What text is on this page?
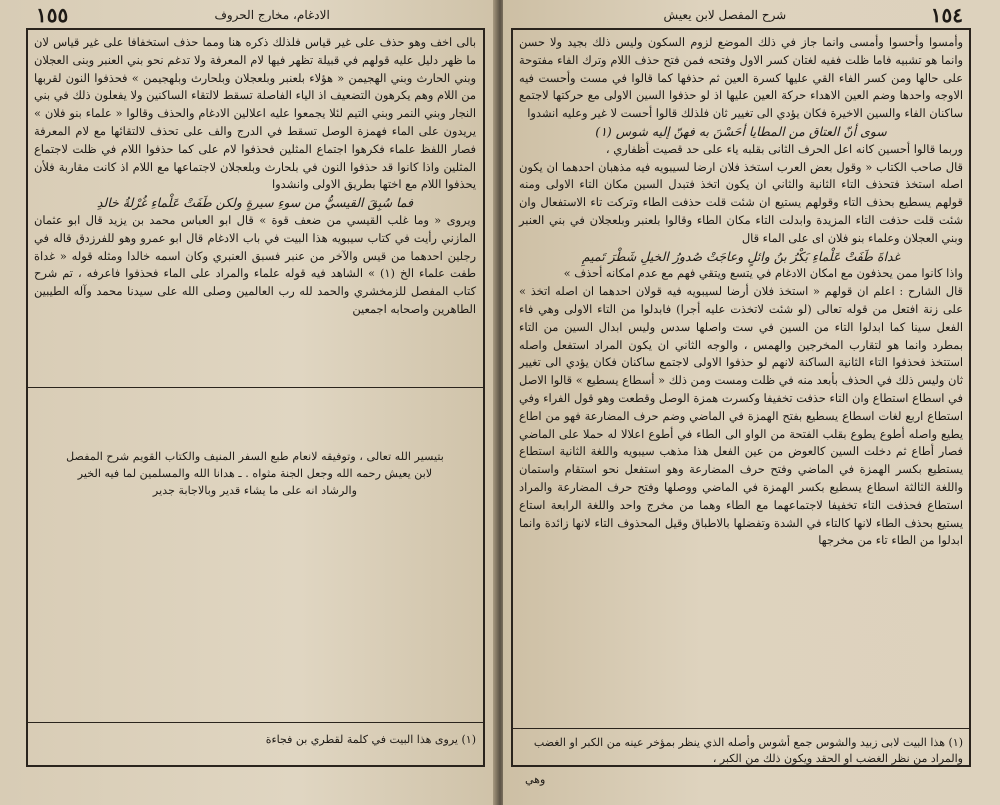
الادغام، مخارج الحروف
١٥٥

بالى اخف وهو حذف على غير قياس فلذلك ذكره هنا ومما حذف استخفافا على غير قياس لان ما ظهر دليل عليه قولهم في قبيلة تظهر فيها لام المعرفة ولا تدغم نحو بني العنبر وبنى العجلان وبني الحارث وبني الهجيمن « هؤلاء بلعنبر وبلعجلان وبلحارث وبلهجيمن » فحذفوا النون لقربها من اللام وهم يكرهون التضعيف اذ الياء الفاصلة تسقط لالتقاء الساكنين ولا يفعلون ذلك في بني النجار وبني النمر وبني التيم لئلا يجمعوا عليه اعلالين الادغام والحذف وقالوا « علماء بنو فلان » يريدون على الماء فهمزة الوصل تسقط في الدرج والف على تحذف لالتقائها مع لام المعرفة فصار اللفظ علماء فكرهوا اجتماع المثلين فحذفوا لام على كما حذفوا اللام في ظلت لاجتماع المثلين واذا كانوا قد حذفوا النون في بلحارث وبلعجلان لاجتماعها مع اللام اذ كانت مقاربة فلأن يحذفوا اللام مع اختها بطريق الاولى وانشدوا

فما سُبِقَ القيسيُّ من سوءِ سيرةٍ ولكن طَفَتْ عَلْماءِ غُرْلةُ خالدِ

ويروى « وما غلب القيسي من ضعف قوة » قال ابو العباس محمد بن يزيد قال ابو عثمان المازني رأيت في كتاب سيبويه هذا البيت في باب الادغام قال ابو عمرو وهو للفرزدق قاله في رجلين احدهما من قيس والآخر من عنبر فسبق العنبري وكان اسمه خالدا ومثله قوله « غداة طفت علماء الخ (١) » الشاهد فيه قوله علماء والمراد على الماء فحذفوا فاعرفه ، تم شرح كتاب المفصل للزمخشري والحمد لله رب العالمين وصلى الله على سيدنا محمد وآله الطيبين الطاهرين واصحابه اجمعين

بتيسير الله تعالى ، وتوفيقه لانعام طبع السفر المنيف والكتاب القويم شرح المفصل لابن يعيش رحمه الله وجعل الجنة مثواه . ـ هدانا الله والمسلمين لما فيه الخير والرشاد انه على ما يشاء قدير وبالاجابة جدير
(١) يروى هذا البيت في كلمة لقطري بن فجاءة
١٥٤
شرح المفصل لابن يعيش

وأمسوا وأحسوا وأمسى وانما جاز في ذلك الموضع لزوم السكون وليس ذلك بجيد ولا حسن وانما هو تشبيه فاما ظلت ففيه لغتان كسر الاول وفتحه فمن فتح حذف اللام وترك الفاء مفتوحة على حالها ومن كسر الفاء القي عليها كسرة العين ثم حذفها كما قالوا في مست وأحست فيه الاوجه واحدها وضم العين الاهداء حركة العين عليها اذ لو حذفوا السين الاولى مع حركتها لاجتمع ساكنان الفاء والسين الاخيرة فكان يؤدي الى تغيير ثان فلذلك قالوا أحست لا غير وعليه انشدوا

سوى أنّ العتاق من المطايا أحَسْنَ به فهنّ إليه شوس (١)

وربما قالوا أحسين كانه اعل الحرف الثانى بقلبه ياء على حد قصيت أظفاري ،

قال صاحب الكتاب « وقول بعض العرب استخذ فلان ارضا لسيبويه فيه مذهبان احدهما ان يكون اصله استخذ فتحذف التاء الثانية والثاني ان يكون اتخذ فتبدل السين مكان التاء الاولى ومنه قولهم يسطيع بحذف التاء وقولهم يستيع ان شئت قلت حذفت الطاء وتركت تاء الاستفعال وان شئت قلت حذفت التاء المزيدة وابدلت التاء مكان الطاء وقالوا بلعنبر وبلعجلان في بني العنبر وبني العجلان وعلماء بنو فلان اى على الماء قال

غداةَ طَفَتْ عَلْماءِ بَكْرُ بنُ وائلٍ وعاجَتْ صُدورُ الخيلِ شَطْرَ تَميمِ

واذا كانوا ممن يحذفون مع امكان الادغام في يتسع ويتقي فهم مع عدم امكانه أحذف »

قال الشارح : اعلم ان قولهم « استخذ فلان أرضا لسيبويه فيه قولان احدهما ان اصله اتخذ » على زنة افتعل من قوله تعالى (لو شئت لاتخذت عليه أجرا) فابدلوا من التاء الاولى وهي فاء الفعل سينا كما ابدلوا التاء من السين في ست واصلها سدس وليس ابدال السين من التاء بمطرد وانما هو لتقارب المخرجين والهمس ، والوجه الثاني ان يكون المراد استفعل واصله استتخذ فحذفوا التاء الثانية الساكنة لانهم لو حذفوا الاولى لاجتمع ساكنان فكان يؤدي الى تغيير ثان وليس ذلك في الحذف بأبعد منه في ظلت ومست ومن ذلك « أسطاع يسطيع » قالوا الاصل في اسطاع استطاع وان التاء حذفت تخفيفا وكسرت همزة الوصل وقطعت وهو قول الفراء وفي استطاع اربع لغات اسطاع يسطيع بفتح الهمزة في الماضي وضم حرف المضارعة فهو من اطاع يطيع واصله أطوع يطوع بقلب الفتحة من الواو الى الطاء في أطوع اعلالا له حملا على الماضي فصار أطاع ثم دخلت السين كالعوض من عين الفعل هذا مذهب سيبويه واللغة الثانية استطاع يستطيع بكسر الهمزة في الماضي وفتح حرف المضارعة وهو استفعل نحو استقام واستمان واللغة الثالثة اسطاع يسطيع بكسر الهمزة في الماضي ووصلها وفتح حرف المضارعة والمراد استطاع فحذفت التاء تخفيفا لاجتماعهما مع الطاء وهما من مخرج واحد واللغة الرابعة استاع يستيع بحذف الطاء لانها كالتاء في الشدة وتفضلها بالاطباق وقيل المحذوف التاء لانها زائدة وانما ابدلوا من الطاء تاء من مخرجها

(١) هذا البيت لابى زبيد والشوس جمع أشوس وأصله الذي ينظر بمؤخر عينه من الكبر او الغضب والمراد من نظر الغضب او الحقد ويكون ذلك من الكبر ،
وهي
